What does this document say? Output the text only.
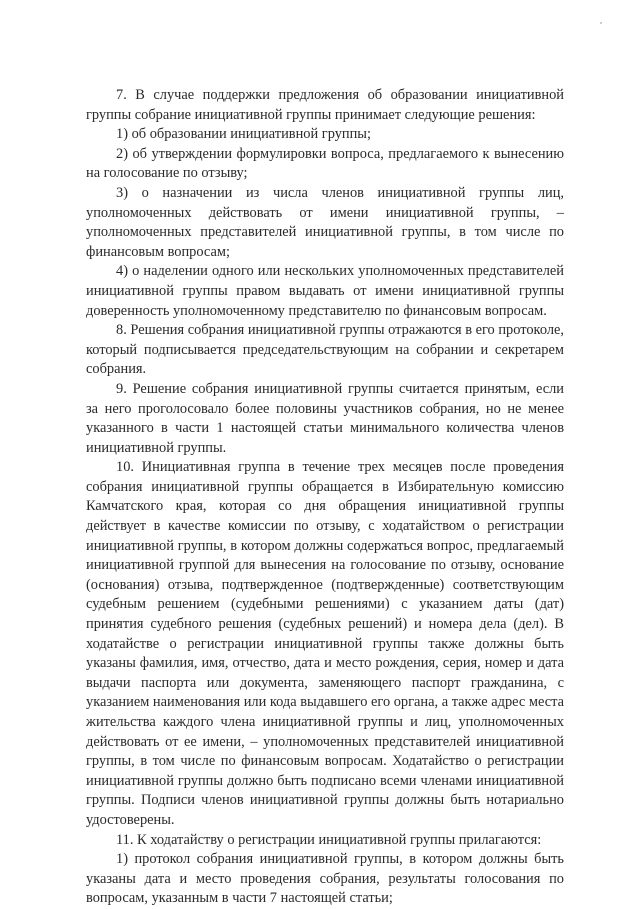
7. В случае поддержки предложения об образовании инициативной группы собрание инициативной группы принимает следующие решения:

1) об образовании инициативной группы;

2) об утверждении формулировки вопроса, предлагаемого к вынесению на голосование по отзыву;

3) о назначении из числа членов инициативной группы лиц, уполномоченных действовать от имени инициативной группы, – уполномоченных представителей инициативной группы, в том числе по финансовым вопросам;

4) о наделении одного или нескольких уполномоченных представителей инициативной группы правом выдавать от имени инициативной группы доверенность уполномоченному представителю по финансовым вопросам.

8. Решения собрания инициативной группы отражаются в его протоколе, который подписывается председательствующим на собрании и секретарем собрания.

9. Решение собрания инициативной группы считается принятым, если за него проголосовало более половины участников собрания, но не менее указанного в части 1 настоящей статьи минимального количества членов инициативной группы.

10. Инициативная группа в течение трех месяцев после проведения собрания инициативной группы обращается в Избирательную комиссию Камчатского края, которая со дня обращения инициативной группы действует в качестве комиссии по отзыву, с ходатайством о регистрации инициативной группы, в котором должны содержаться вопрос, предлагаемый инициативной группой для вынесения на голосование по отзыву, основание (основания) отзыва, подтвержденное (подтвержденные) соответствующим судебным решением (судебными решениями) с указанием даты (дат) принятия судебного решения (судебных решений) и номера дела (дел). В ходатайстве о регистрации инициативной группы также должны быть указаны фамилия, имя, отчество, дата и место рождения, серия, номер и дата выдачи паспорта или документа, заменяющего паспорт гражданина, с указанием наименования или кода выдавшего его органа, а также адрес места жительства каждого члена инициативной группы и лиц, уполномоченных действовать от ее имени, – уполномоченных представителей инициативной группы, в том числе по финансовым вопросам. Ходатайство о регистрации инициативной группы должно быть подписано всеми членами инициативной группы. Подписи членов инициативной группы должны быть нотариально удостоверены.

11. К ходатайству о регистрации инициативной группы прилагаются:

1) протокол собрания инициативной группы, в котором должны быть указаны дата и место проведения собрания, результаты голосования по вопросам, указанным в части 7 настоящей статьи;
